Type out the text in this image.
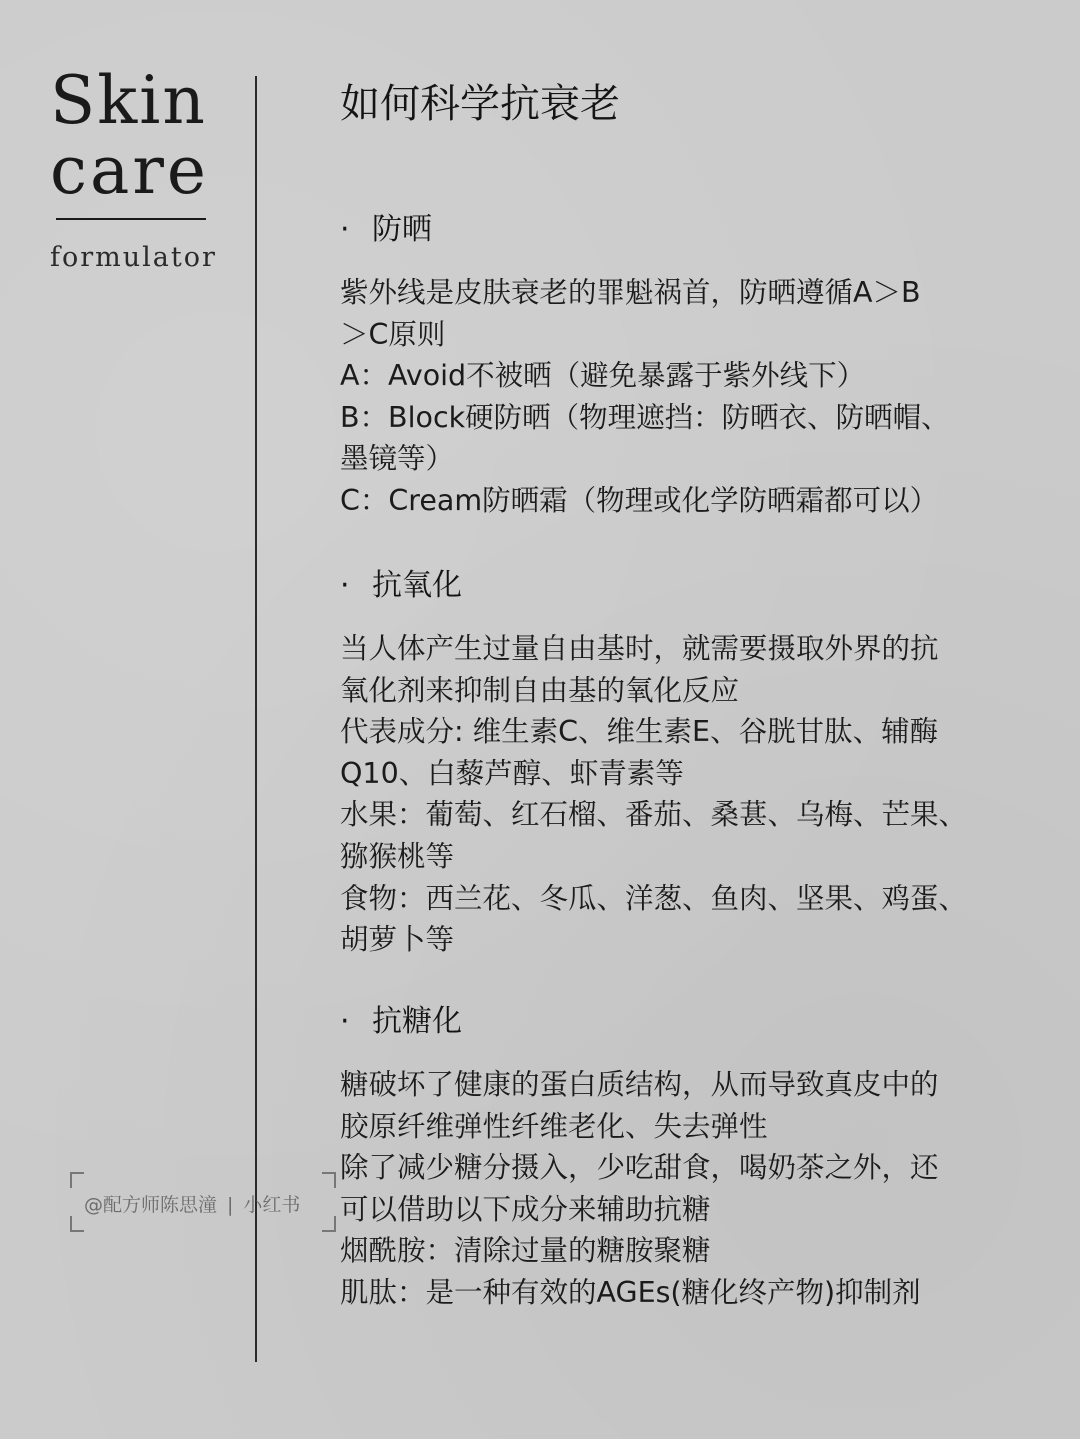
Skin
care
formulator
@配方师陈思潼 | 小红书
如何科学抗衰老
· 防晒
紫外线是皮肤衰老的罪魁祸首，防晒遵循A＞B
＞C原则
A：Avoid不被晒（避免暴露于紫外线下）
B：Block硬防晒（物理遮挡：防晒衣、防晒帽、
墨镜等）
C：Cream防晒霜（物理或化学防晒霜都可以）
· 抗氧化
当人体产生过量自由基时，就需要摄取外界的抗
氧化剂来抑制自由基的氧化反应
代表成分: 维生素C、维生素E、谷胱甘肽、辅酶
Q10、白藜芦醇、虾青素等
水果：葡萄、红石榴、番茄、桑葚、乌梅、芒果、
猕猴桃等
食物：西兰花、冬瓜、洋葱、鱼肉、坚果、鸡蛋、
胡萝卜等
· 抗糖化
糖破坏了健康的蛋白质结构，从而导致真皮中的
胶原纤维弹性纤维老化、失去弹性
除了减少糖分摄入，少吃甜食，喝奶茶之外，还
可以借助以下成分来辅助抗糖
烟酰胺：清除过量的糖胺聚糖
肌肽：是一种有效的AGEs(糖化终产物)抑制剂
